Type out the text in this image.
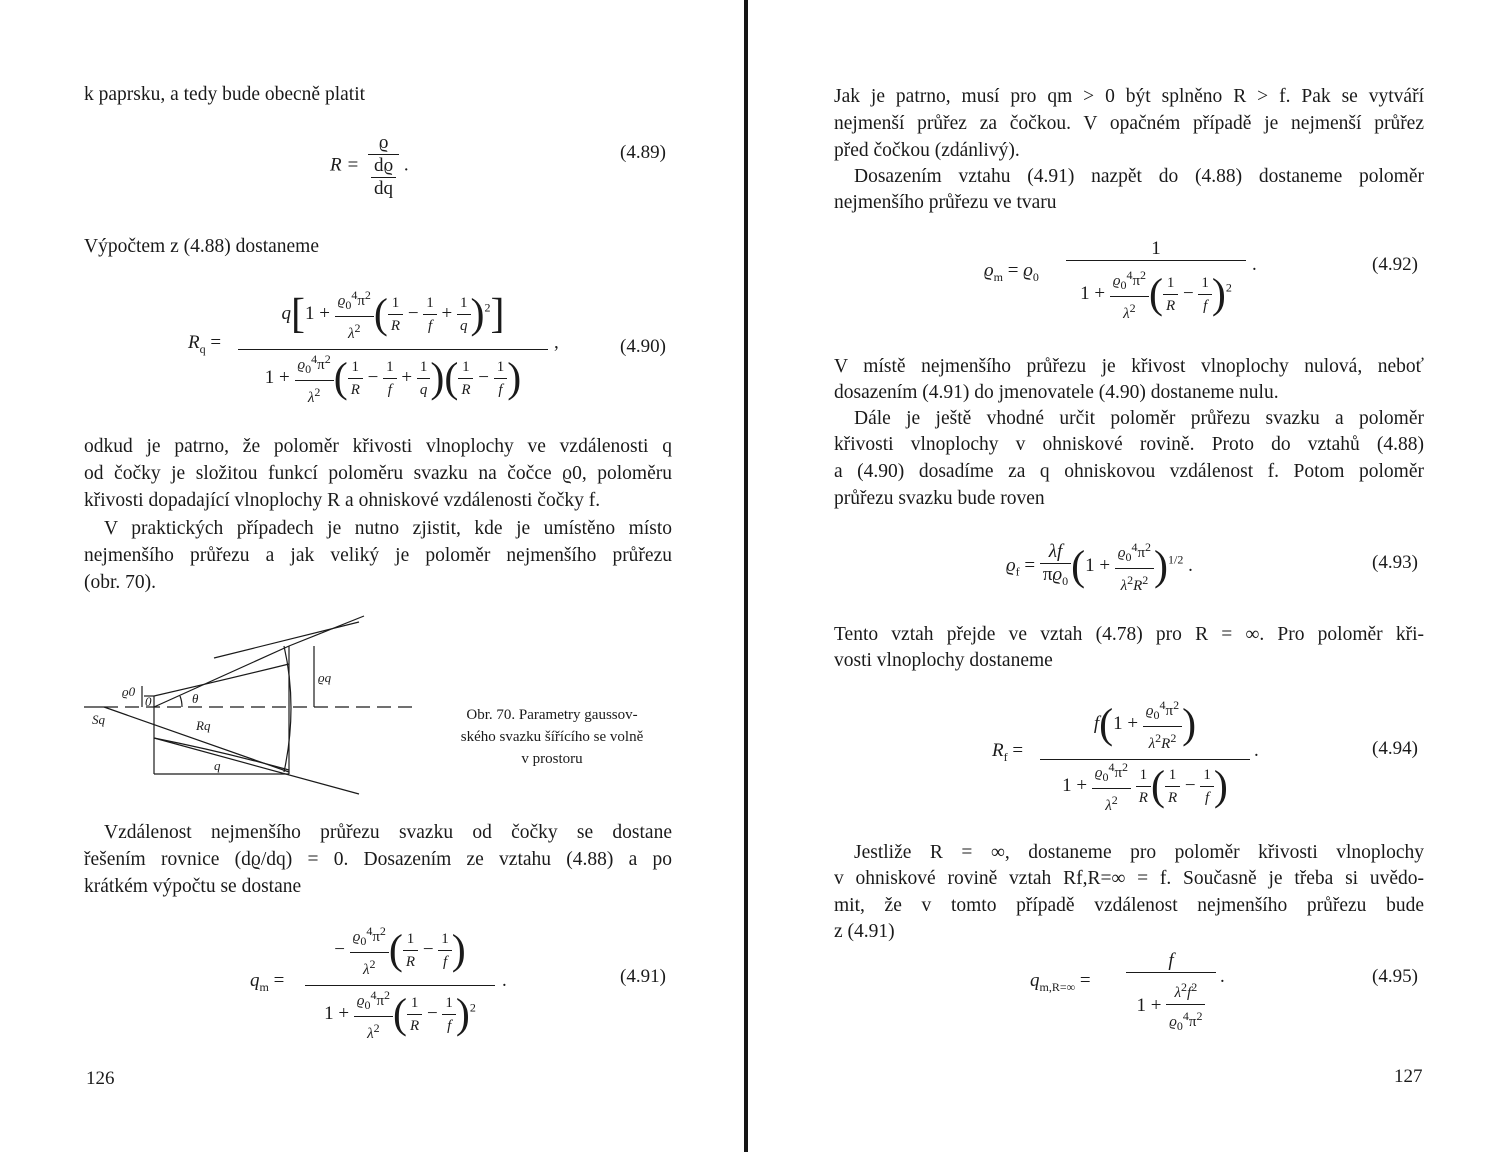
k paprsku, a tedy bude obecně platit

$R = \frac{ϱ}{\frac{dϱ}{dq}}$ .
(4.89)

Výpočtem z (4.88) dostaneme

$R_q$ =
$q[1 + \frac{ϱ_0^4\pi^2}{\lambda^2}$ ( $\frac{1}{R} - \frac{1}{f} + \frac{1}{q} )^2$]
$1 + \frac{ϱ_0^4\pi^2}{\lambda^2}$ ( $\frac{1}{R} - \frac{1}{f} + \frac{1}{q}$ )( $\frac{1}{R} - \frac{1}{f}$ )
,	(4.90)

odkud je patrno, že poloměr křivosti vlnoplochy ve vzdálenosti q

od čočky je složitou funkcí poloměru svazku na čočce ϱ0, poloměru

křivosti dopadající vlnoplochy R a ohniskové vzdálenosti čočky f.

V praktických případech je nutno zjistit, kde je umístěno místo

nejmenšího průřezu a jak veliký je poloměr nejmenšího průřezu

(obr. 70).

ϱ0
0	θ
ϱq
Rq
q
Sq	Obr. 70. Parametry gaussov-
ského svazku šířícího se volně
v prostoru

Vzdálenost nejmenšího průřezu svazku od čočky se dostane

řešením rovnice (dϱ/dq) = 0. Dosazením ze vztahu (4.88) a po

krátkém výpočtu se dostane

$q_m$ =
− $\frac{ϱ_0^4\pi^2}{\lambda^2}$ ( $\frac{1}{R} - \frac{1}{f}$ )
$1 + \frac{ϱ_0^4\pi^2}{\lambda^2}$ ( $\frac{1}{R} - \frac{1}{f} )^2$
.	(4.91)
126

Jak je patrno, musí pro qm > 0 být splněno R > f. Pak se vytváří

nejmenší průřez za čočkou. V opačném případě je nejmenší průřez

před čočkou (zdánlivý).

Dosazením vztahu (4.91) nazpět do (4.88) dostaneme poloměr

nejmenšího průřezu ve tvaru

$ϱ_m = ϱ_0$
1
$1 + \frac{ϱ_0^4\pi^2}{\lambda^2}$ ( $\frac{1}{R} - \frac{1}{f} )^2$
.	(4.92)

V místě nejmenšího průřezu je křivost vlnoplochy nulová, neboť

dosazením (4.91) do jmenovatele (4.90) dostaneme nulu.

Dále je ještě vhodné určit poloměr průřezu svazku a poloměr

křivosti vlnoplochy v ohniskové rovině. Proto do vztahů (4.88)

a (4.90) dosadíme za q ohniskovou vzdálenost f. Potom poloměr

průřezu svazku bude roven

$ϱ_f = \frac{\lambda f}{\pi ϱ_0} (1 + \frac{ϱ_0^4\pi^2}{\lambda^2R^2} )^{1/2}$ .	(4.93)

Tento vztah přejde ve vztah (4.78) pro R = ∞. Pro poloměr kři-

vosti vlnoplochy dostaneme

$R_f$ =
$f(1 + \frac{ϱ_0^4\pi^2}{\lambda^2R^2}$ )
$1 + \frac{ϱ_0^4\pi^2}{\lambda^2}$
$\frac{1}{R}$ ( $\frac{1}{R} - \frac{1}{f}$ )
.	(4.94)

Jestliže R = ∞, dostaneme pro poloměr křivosti vlnoplochy

v ohniskové rovině vztah Rf,R=∞ = f. Současně je třeba si uvědo-

mit, že v tomto případě vzdálenost nejmenšího průřezu bude

z (4.91)

$q_{m,R=\infty}$ =
f
$1 + \frac{\lambda^2f^2}{ϱ_0^4\pi^2}$ .	(4.95)
127
